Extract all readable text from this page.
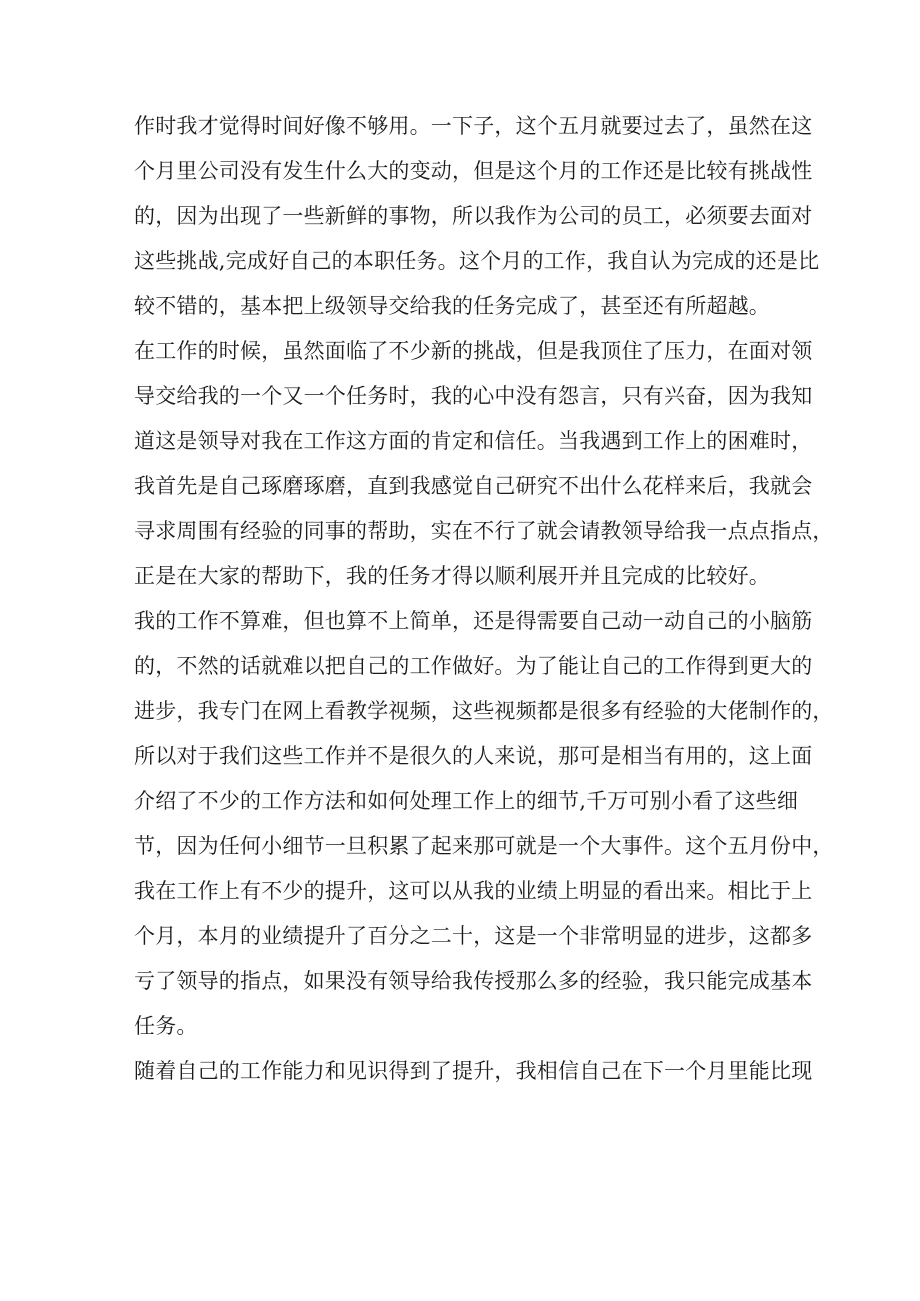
作时我才觉得时间好像不够用。一下子，这个五月就要过去了，虽然在这
个月里公司没有发生什么大的变动，但是这个月的工作还是比较有挑战性
的，因为出现了一些新鲜的事物，所以我作为公司的员工，必须要去面对
这些挑战,完成好自己的本职任务。这个月的工作，我自认为完成的还是比
较不错的，基本把上级领导交给我的任务完成了，甚至还有所超越。
在工作的时候，虽然面临了不少新的挑战，但是我顶住了压力，在面对领
导交给我的一个又一个任务时，我的心中没有怨言，只有兴奋，因为我知
道这是领导对我在工作这方面的肯定和信任。当我遇到工作上的困难时，
我首先是自己琢磨琢磨，直到我感觉自己研究不出什么花样来后，我就会
寻求周围有经验的同事的帮助，实在不行了就会请教领导给我一点点指点，
正是在大家的帮助下，我的任务才得以顺利展开并且完成的比较好。
我的工作不算难，但也算不上简单，还是得需要自己动一动自己的小脑筋
的，不然的话就难以把自己的工作做好。为了能让自己的工作得到更大的
进步，我专门在网上看教学视频，这些视频都是很多有经验的大佬制作的，
所以对于我们这些工作并不是很久的人来说，那可是相当有用的，这上面
介绍了不少的工作方法和如何处理工作上的细节,千万可别小看了这些细
节，因为任何小细节一旦积累了起来那可就是一个大事件。这个五月份中，
我在工作上有不少的提升，这可以从我的业绩上明显的看出来。相比于上
个月，本月的业绩提升了百分之二十，这是一个非常明显的进步，这都多
亏了领导的指点，如果没有领导给我传授那么多的经验，我只能完成基本
任务。
随着自己的工作能力和见识得到了提升，我相信自己在下一个月里能比现
